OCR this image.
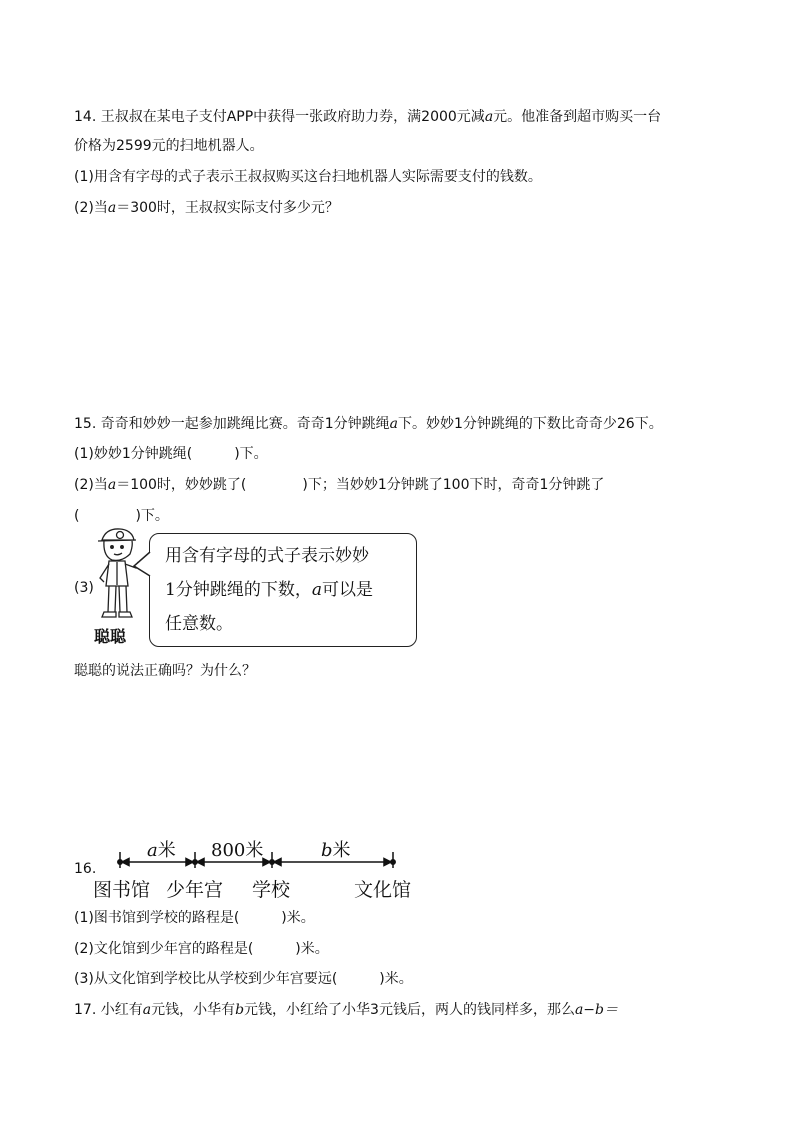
14. 王叔叔在某电子支付APP中获得一张政府助力券，满2000元减a元。他准备到超市购买一台
价格为2599元的扫地机器人。
(1)用含有字母的式子表示王叔叔购买这台扫地机器人实际需要支付的钱数。
(2)当a＝300时，王叔叔实际支付多少元？
15. 奇奇和妙妙一起参加跳绳比赛。奇奇1分钟跳绳a下。妙妙1分钟跳绳的下数比奇奇少26下。
(1)妙妙1分钟跳绳(　　　)下。
(2)当a＝100时，妙妙跳了(　　　　)下；当妙妙1分钟跳了100下时，奇奇1分钟跳了
(　　　　)下。
(3)
聪聪
用含有字母的式子表示妙妙
1分钟跳绳的下数，a可以是
任意数。
聪聪的说法正确吗？为什么？
16.
a米 800米	b米
图书馆 少年宫 学校	文化馆
(1)图书馆到学校的路程是(　　　)米。
(2)文化馆到少年宫的路程是(　　　)米。
(3)从文化馆到学校比从学校到少年宫要远(　　　)米。
17. 小红有a元钱，小华有b元钱，小红给了小华3元钱后，两人的钱同样多，那么a−b＝
